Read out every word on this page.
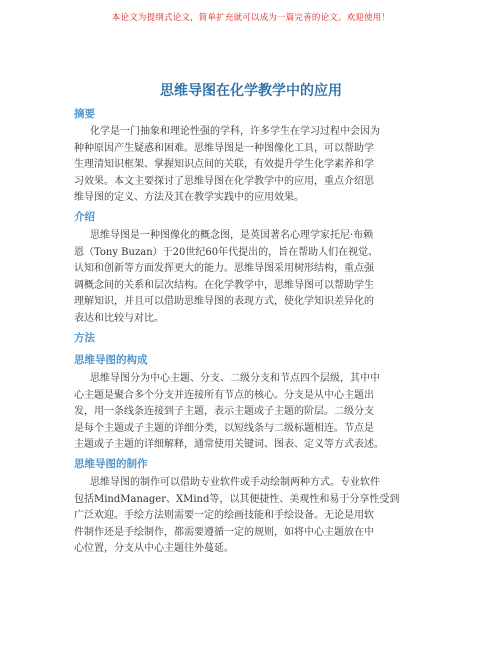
本论文为提纲式论文，简单扩充就可以成为一篇完善的论文。欢迎使用！
思维导图在化学教学中的应用
摘要
化学是一门抽象和理论性强的学科，许多学生在学习过程中会因为
种种原因产生疑惑和困难。思维导图是一种图像化工具，可以帮助学
生理清知识框架、掌握知识点间的关联，有效提升学生化学素养和学
习效果。本文主要探讨了思维导图在化学教学中的应用，重点介绍思
维导图的定义、方法及其在教学实践中的应用效果。
介绍
思维导图是一种图像化的概念图，是英国著名心理学家托尼·布赖
恩（Tony Buzan）于20世纪60年代提出的，旨在帮助人们在视觉、
认知和创新等方面发挥更大的能力。思维导图采用树形结构，重点强
调概念间的关系和层次结构。在化学教学中，思维导图可以帮助学生
理解知识，并且可以借助思维导图的表现方式，使化学知识差异化的
表达和比较与对比。
方法
思维导图的构成
思维导图分为中心主题、分支、二级分支和节点四个层级，其中中
心主题是聚合多个分支并连接所有节点的核心。分支是从中心主题出
发，用一条线条连接到子主题，表示主题或子主题的阶层。二级分支
是每个主题或子主题的详细分类，以短线条与二级标题相连。节点是
主题或子主题的详细解释，通常使用关键词、图表、定义等方式表述。
思维导图的制作
思维导图的制作可以借助专业软件或手动绘制两种方式。专业软件
包括MindManager、XMind等，以其便捷性、美观性和易于分享性受到
广泛欢迎。手绘方法则需要一定的绘画技能和手绘设备。无论是用软
件制作还是手绘制作，都需要遵循一定的规则，如将中心主题放在中
心位置，分支从中心主题往外蔓延。
